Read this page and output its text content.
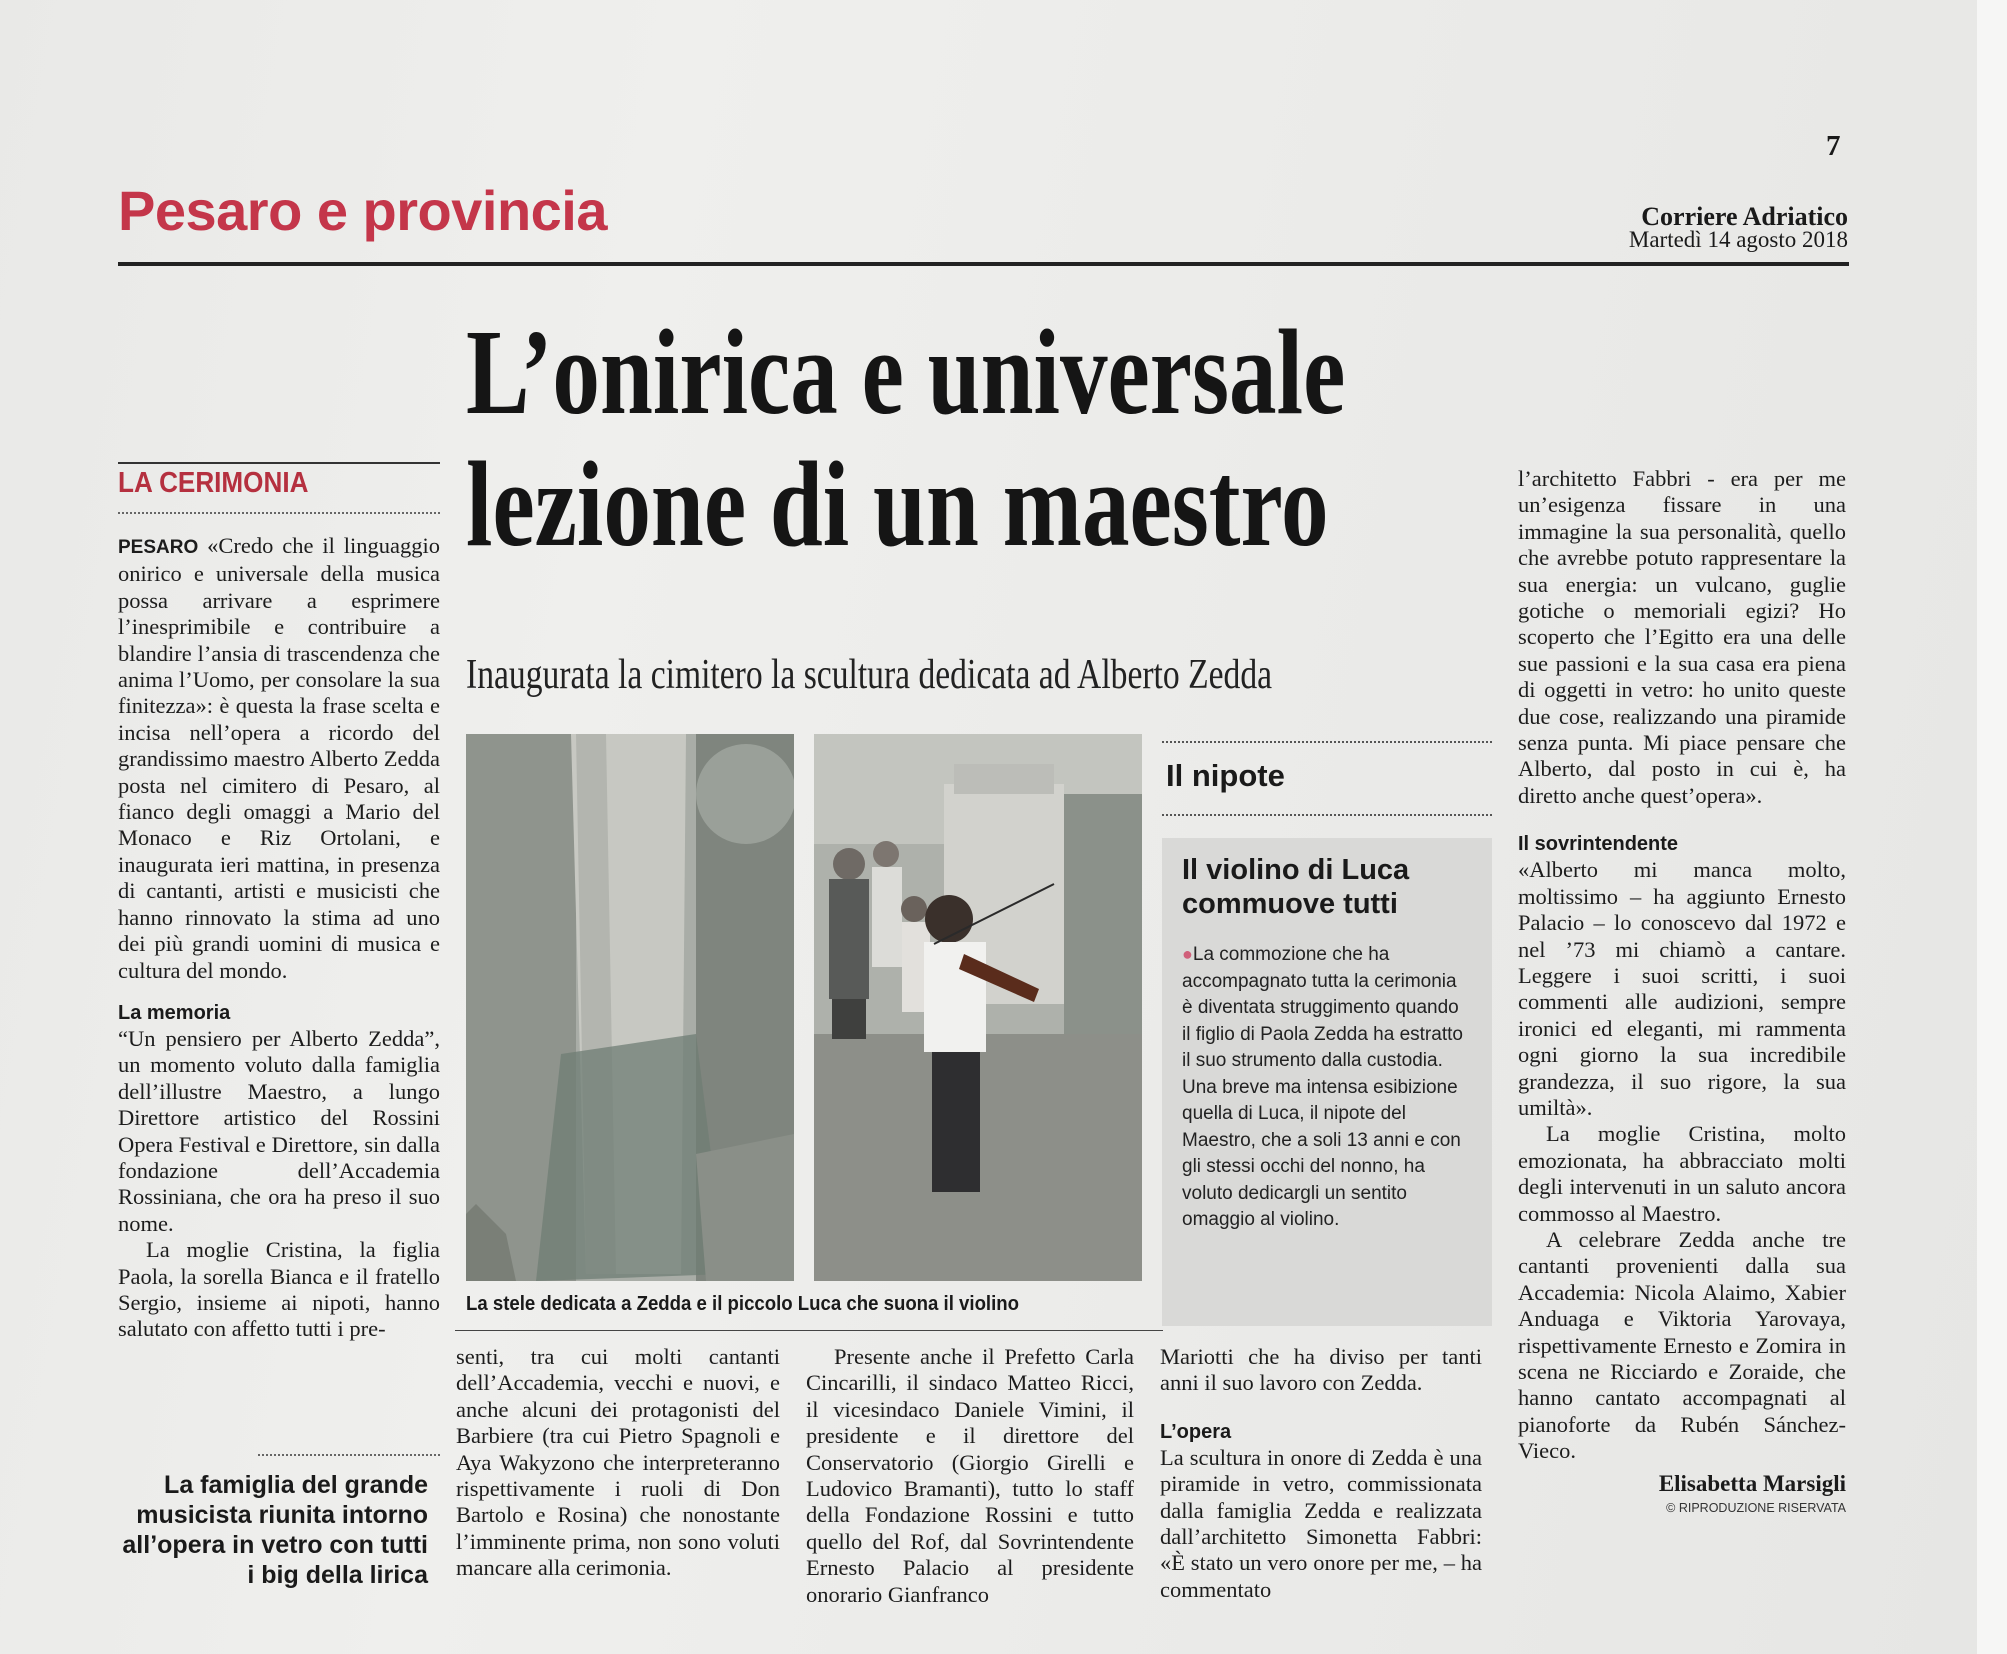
7
Pesaro e provincia	Corriere Adriatico
Martedì 14 agosto 2018
L’onirica e universale
lezione di un maestro
Inaugurata la cimitero la scultura dedicata ad Alberto Zedda
LA CERIMONIA

PESARO «Credo che il linguaggio onirico e universale della musica possa arrivare a esprimere l’inesprimibile e contribuire a blandire l’ansia di trascendenza che anima l’Uomo, per consolare la sua finitezza»: è questa la frase scelta e incisa nell’opera a ricordo del grandissimo maestro Alberto Zedda posta nel cimitero di Pesaro, al fianco degli omaggi a Mario del Monaco e Riz Ortolani, e inaugurata ieri mattina, in presenza di cantanti, artisti e musicisti che hanno rinnovato la stima ad uno dei più grandi uomini di musica e cultura del mondo.

La memoria

“Un pensiero per Alberto Zedda”, un momento voluto dalla famiglia dell’illustre Maestro, a lungo Direttore artistico del Rossini Opera Festival e Direttore, sin dalla fondazione dell’Accademia Rossiniana, che ora ha preso il suo nome.

La moglie Cristina, la figlia Paola, la sorella Bianca e il fratello Sergio, insieme ai nipoti, hanno salutato con affetto tutti i pre-

La famiglia del grande musicista riunita intorno all’opera in vetro con tutti i big della lirica
La stele dedicata a Zedda e il piccolo Luca che suona il violino

senti, tra cui molti cantanti dell’Accademia, vecchi e nuovi, e anche alcuni dei protagonisti del Barbiere (tra cui Pietro Spagnoli e Aya Wakyzono che interpreteranno rispettivamente i ruoli di Don Bartolo e Rosina) che nonostante l’imminente prima, non sono voluti mancare alla cerimonia.

Presente anche il Prefetto Carla Cincarilli, il sindaco Matteo Ricci, il vicesindaco Daniele Vimini, il presidente e il direttore del Conservatorio (Giorgio Girelli e Ludovico Bramanti), tutto lo staff della Fondazione Rossini e tutto quello del Rof, dal Sovrintendente Ernesto Palacio al presidente onorario Gianfranco

Il nipote
Il violino di Luca commuove tutti

●La commozione che ha accompagnato tutta la cerimonia è diventata struggimento quando il figlio di Paola Zedda ha estratto il suo strumento dalla custodia. Una breve ma intensa esibizione quella di Luca, il nipote del Maestro, che a soli 13 anni e con gli stessi occhi del nonno, ha voluto dedicargli un sentito omaggio al violino.

Mariotti che ha diviso per tanti anni il suo lavoro con Zedda.

L’opera

La scultura in onore di Zedda è una piramide in vetro, commissionata dalla famiglia Zedda e realizzata dall’architetto Simonetta Fabbri: «È stato un vero onore per me, – ha commentato

l’architetto Fabbri - era per me un’esigenza fissare in una immagine la sua personalità, quello che avrebbe potuto rappresentare la sua energia: un vulcano, guglie gotiche o memoriali egizi? Ho scoperto che l’Egitto era una delle sue passioni e la sua casa era piena di oggetti in vetro: ho unito queste due cose, realizzando una piramide senza punta. Mi piace pensare che Alberto, dal posto in cui è, ha diretto anche quest’opera».

Il sovrintendente

«Alberto mi manca molto, moltissimo – ha aggiunto Ernesto Palacio – lo conoscevo dal 1972 e nel ’73 mi chiamò a cantare. Leggere i suoi scritti, i suoi commenti alle audizioni, sempre ironici ed eleganti, mi rammenta ogni giorno la sua incredibile grandezza, il suo rigore, la sua umiltà».

La moglie Cristina, molto emozionata, ha abbracciato molti degli intervenuti in un saluto ancora commosso al Maestro.

A celebrare Zedda anche tre cantanti provenienti dalla sua Accademia: Nicola Alaimo, Xabier Anduaga e Viktoria Yarovaya, rispettivamente Ernesto e Zomira in scena ne Ricciardo e Zoraide, che hanno cantato accompagnati al pianoforte da Rubén Sánchez-Vieco.

Elisabetta Marsigli

© RIPRODUZIONE RISERVATA
